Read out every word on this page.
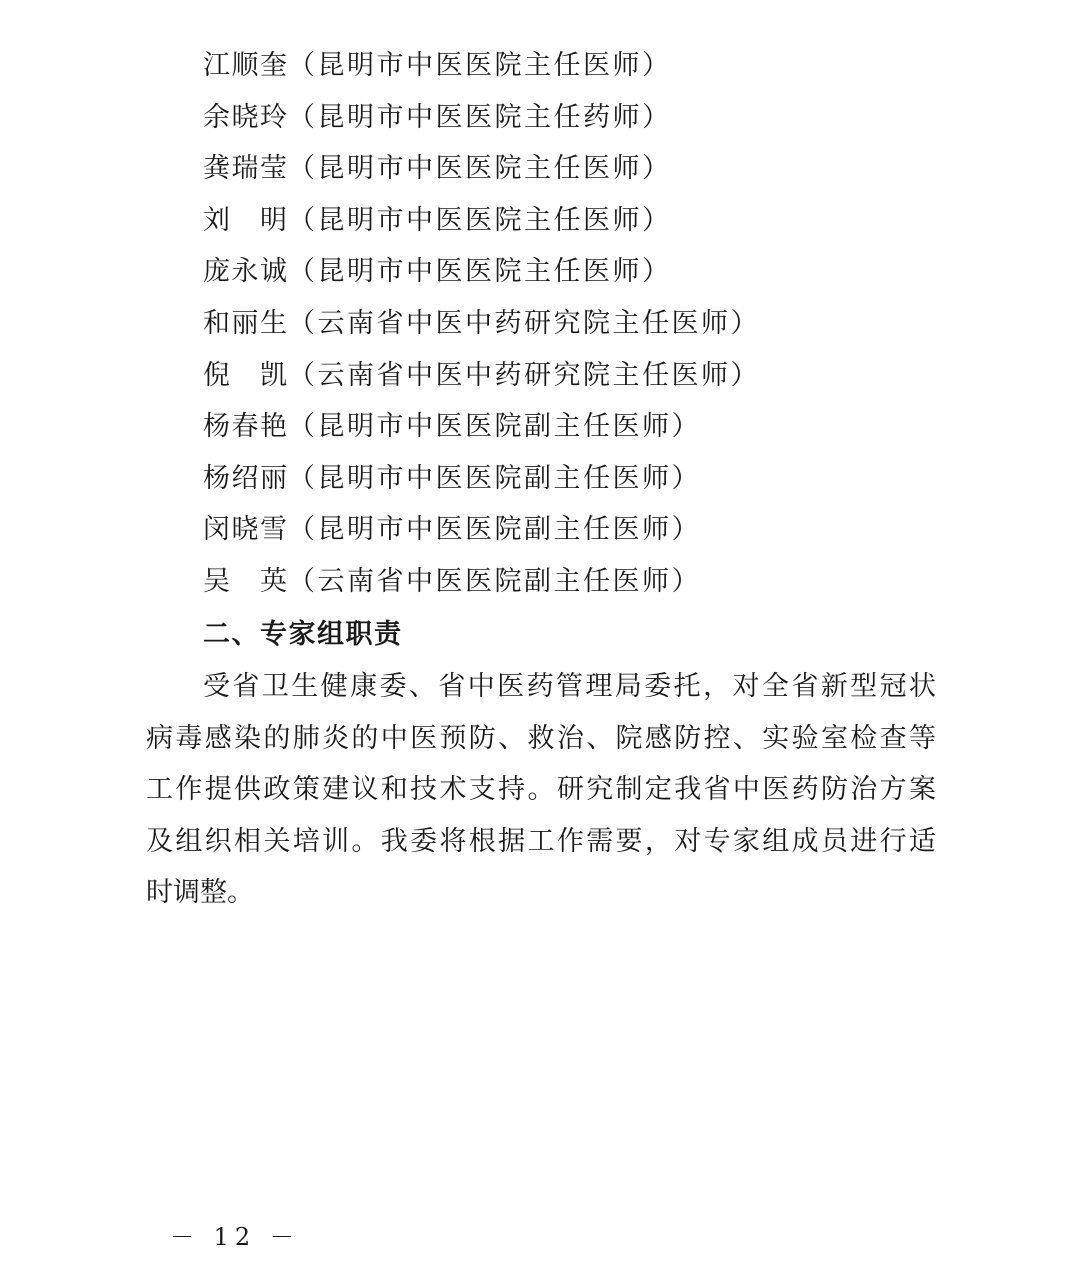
江顺奎（昆明市中医医院主任医师）
余晓玲（昆明市中医医院主任药师）
龚瑞莹（昆明市中医医院主任医师）
刘 明（昆明市中医医院主任医师）
庞永诚（昆明市中医医院主任医师）
和丽生（云南省中医中药研究院主任医师）
倪 凯（云南省中医中药研究院主任医师）
杨春艳（昆明市中医医院副主任医师）
杨绍丽（昆明市中医医院副主任医师）
闵晓雪（昆明市中医医院副主任医师）
吴 英（云南省中医医院副主任医师）
二、专家组职责
受省卫生健康委、省中医药管理局委托，对全省新型冠状
病毒感染的肺炎的中医预防、救治、院感防控、实验室检查等
工作提供政策建议和技术支持。研究制定我省中医药防治方案
及组织相关培训。我委将根据工作需要，对专家组成员进行适
时调整。
－ 12 －
